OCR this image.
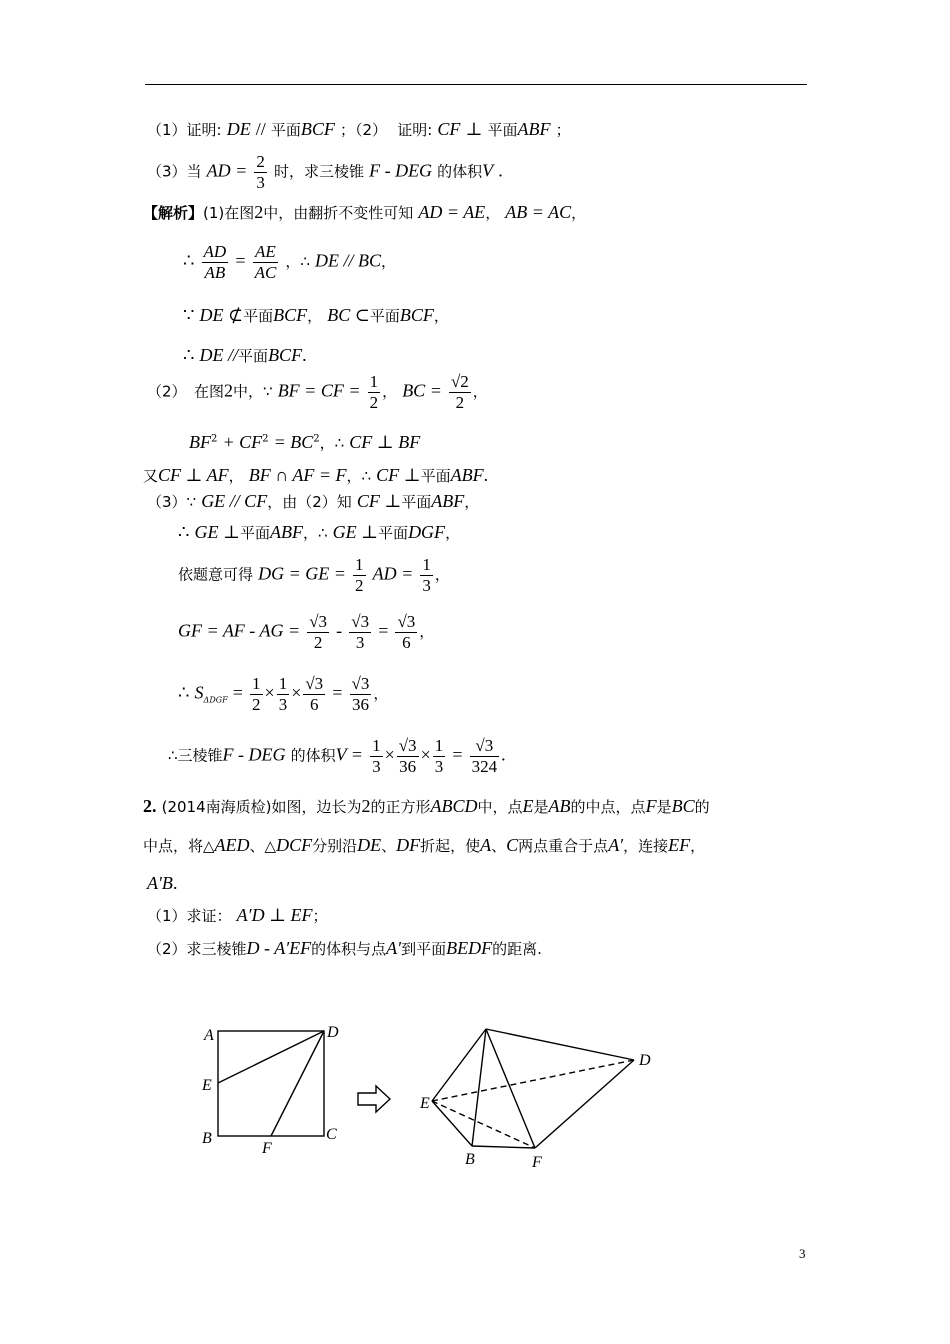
（1）证明: DE // 平面BCF ；（2） 证明: CF ⊥ 平面ABF ；
（3）当 AD = $\frac{2}{3}$ 时，求三棱锥 F - DEG 的体积V .
【解析】(1)在图2中，由翻折不变性可知 AD = AE， AB = AC，
∴ $\frac{AD}{AB} = \frac{AE}{AC}$ ，∴ DE // BC，
∵ DE ⊄平面BCF， BC ⊂平面BCF，
∴ DE //平面BCF.
（2）　在图2中，∵ BF = CF = $\frac{1}{2}$ ， BC = $\frac{√2}{2}$ ，
$BF^2 + CF^2 = BC^2$，∴ CF ⊥ BF
又CF ⊥ AF， BF ∩ AF = F，∴ CF ⊥平面ABF.
（3）∵ GE // CF，由（2）知 CF ⊥平面ABF，
∴ GE ⊥平面ABF，∴ GE ⊥平面DGF，
依题意可得 DG = GE = $\frac{1}{2}$ AD = $\frac{1}{3}$ ，
GF = AF - AG = $\frac{√3}{2} - \frac{√3}{3} = \frac{√3}{6}$ ，
∴ $S_{\Delta DGF} = \frac{1}{2} \times \frac{1}{3} \times \frac{√3}{6} = \frac{√3}{36}$ ，
∴三棱锥F - DEG 的体积$V = \frac{1}{3} \times \frac{√3}{36} \times \frac{1}{3} = \frac{√3}{324}$ .
2. (2014南海质检)如图，边长为2的正方形ABCD中，点E是AB的中点，点F是BC的
中点，将△AED、△DCF分别沿DE、DF折起，使A、C两点重合于点A′，连接EF，
A′B.
（1）求证： A′D ⊥ EF；
（2）求三棱锥D - A′EF的体积与点A′到平面BEDF的距离.
A	D
E
B
F
C
D
E
B	F
3
